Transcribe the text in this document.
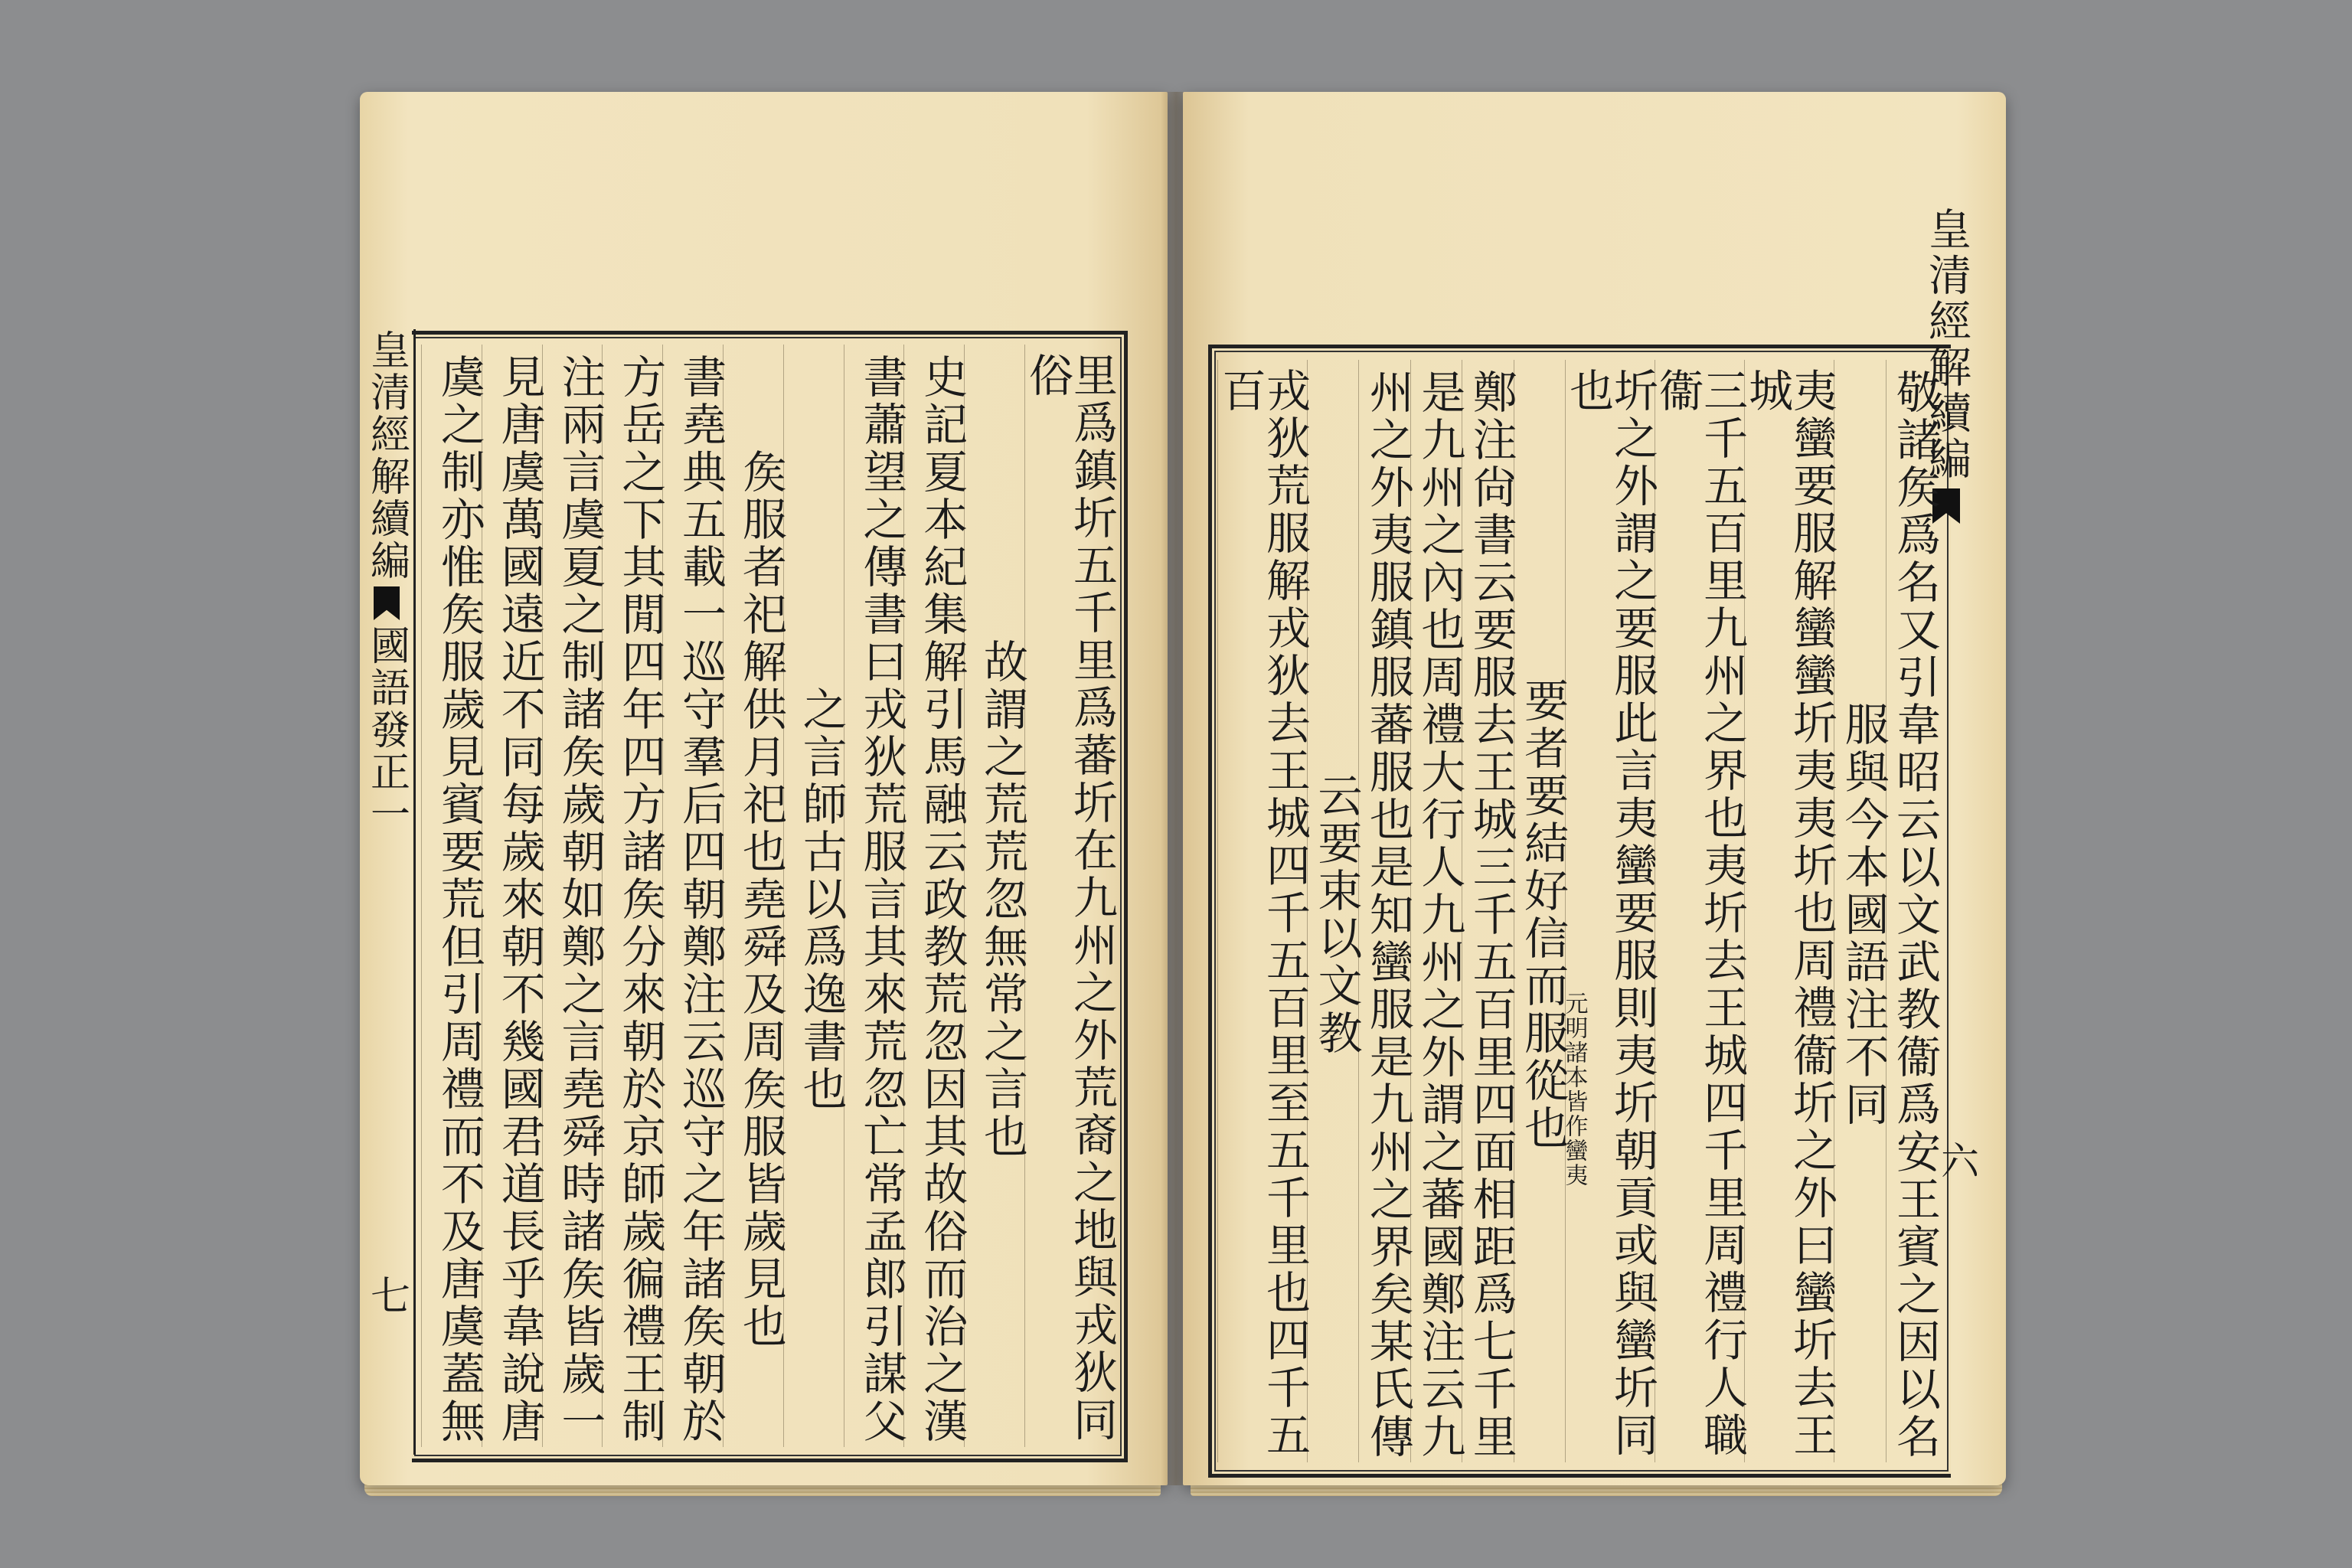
皇清經解續編
國語發正一
七	里爲鎮圻五千里爲蕃圻在九州之外荒裔之地與戎狄同俗
故謂之荒荒忽無常之言也
史記夏本紀集解引馬融云政教荒忽因其故俗而治之漢
書蕭望之傳書曰戎狄荒服言其來荒忽亡常孟郎引謀父
之言師古以爲逸書也
矦服者祀解供月祀也堯舜及周矦服皆歲見也
書堯典五載一巡守羣后四朝鄭注云巡守之年諸矦朝於
方岳之下其閒四年四方諸矦分來朝於京師歲徧禮王制
注兩言虞夏之制諸矦歲朝如鄭之言堯舜時諸矦皆歲一
見唐虞萬國遠近不同每歲來朝不幾國君道長乎韋說唐
虞之制亦惟矦服歲見賓要荒但引周禮而不及唐虞蓋無
皇清經解續編
六
敬諸矦爲名又引韋昭云以文武教衞爲安王賓之因以名
服與今本國語注不同
夷蠻要服解蠻蠻圻夷夷圻也周禮衞圻之外曰蠻圻去王城
三千五百里九州之界也夷圻去王城四千里周禮行人職衞
圻之外謂之要服此言夷蠻要服則夷圻朝貢或與蠻圻同也
要者要結好信而服從也
鄭注尙書云要服去王城三千五百里四面相距爲七千里
是九州之內也周禮大行人九州之外謂之蕃國鄭注云九
州之外夷服鎮服蕃服也是知蠻服是九州之界矣某氏傳
云要束以文教
戎狄荒服解戎狄去王城四千五百里至五千里也四千五百
元明諸本皆作蠻夷
